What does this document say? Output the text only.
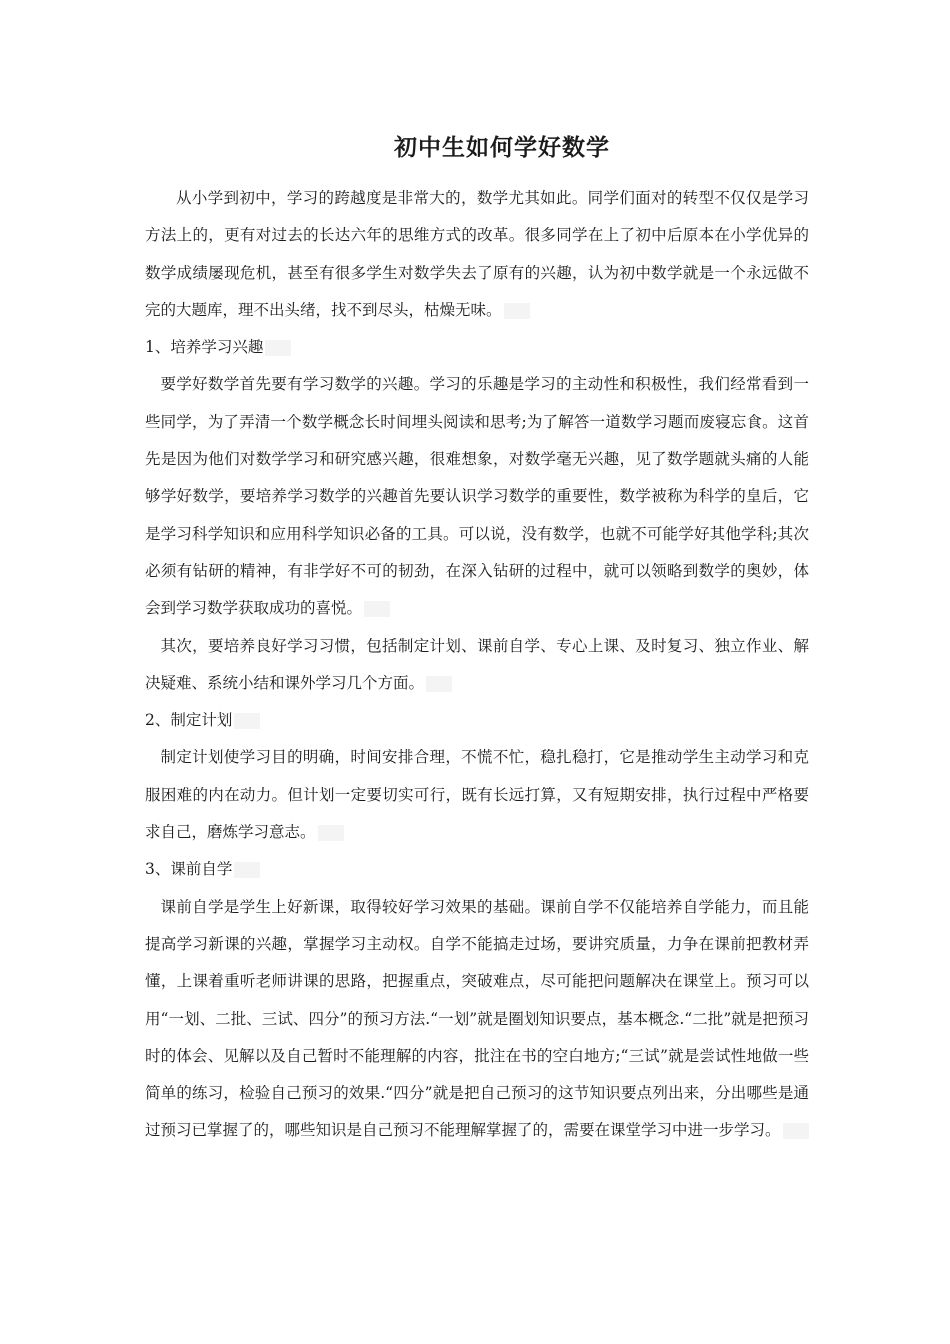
初中生如何学好数学

从小学到初中，学习的跨越度是非常大的，数学尤其如此。同学们面对的转型不仅仅是学习方法上的，更有对过去的长达六年的思维方式的改革。很多同学在上了初中后原本在小学优异的数学成绩屡现危机，甚至有很多学生对数学失去了原有的兴趣，认为初中数学就是一个永远做不完的大题库，理不出头绪，找不到尽头，枯燥无味。

1、培养学习兴趣

要学好数学首先要有学习数学的兴趣。学习的乐趣是学习的主动性和积极性，我们经常看到一些同学，为了弄清一个数学概念长时间埋头阅读和思考;为了解答一道数学习题而废寝忘食。这首先是因为他们对数学学习和研究感兴趣，很难想象，对数学毫无兴趣，见了数学题就头痛的人能够学好数学，要培养学习数学的兴趣首先要认识学习数学的重要性，数学被称为科学的皇后，它是学习科学知识和应用科学知识必备的工具。可以说，没有数学，也就不可能学好其他学科;其次必须有钻研的精神，有非学好不可的韧劲，在深入钻研的过程中，就可以领略到数学的奥妙，体会到学习数学获取成功的喜悦。

其次，要培养良好学习习惯，包括制定计划、课前自学、专心上课、及时复习、独立作业、解决疑难、系统小结和课外学习几个方面。

2、制定计划

制定计划使学习目的明确，时间安排合理，不慌不忙，稳扎稳打，它是推动学生主动学习和克服困难的内在动力。但计划一定要切实可行，既有长远打算，又有短期安排，执行过程中严格要求自己，磨炼学习意志。

3、课前自学

课前自学是学生上好新课，取得较好学习效果的基础。课前自学不仅能培养自学能力，而且能提高学习新课的兴趣，掌握学习主动权。自学不能搞走过场，要讲究质量，力争在课前把教材弄懂，上课着重听老师讲课的思路，把握重点，突破难点，尽可能把问题解决在课堂上。预习可以用“一划、二批、三试、四分”的预习方法.“一划”就是圈划知识要点，基本概念.“二批”就是把预习时的体会、见解以及自己暂时不能理解的内容，批注在书的空白地方;“三试”就是尝试性地做一些简单的练习，检验自己预习的效果.“四分”就是把自己预习的这节知识要点列出来，分出哪些是通过预习已掌握了的，哪些知识是自己预习不能理解掌握了的，需要在课堂学习中进一步学习。
